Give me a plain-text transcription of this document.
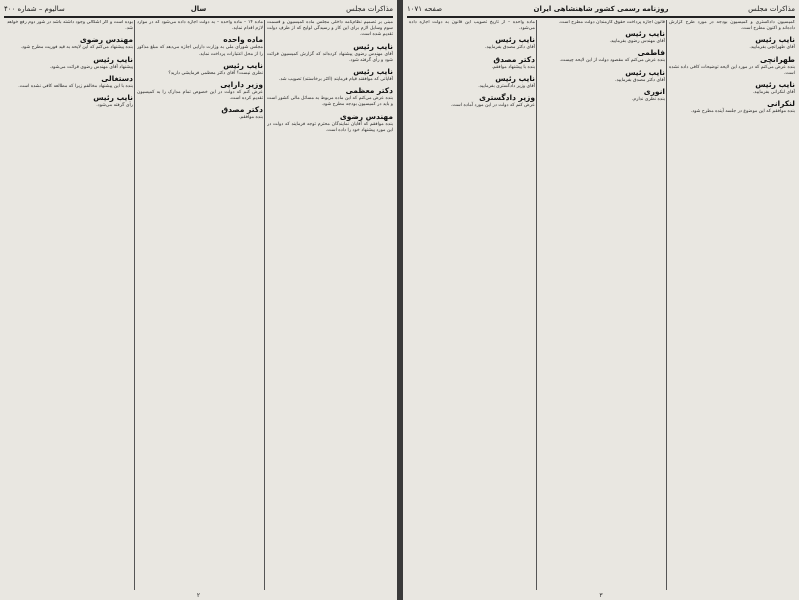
مذاکرات مجلس
سال
سالیوم – شماره ۴۰۰
مبنی بر تصمیم نظام‌نامه داخلی مجلس ماده کمیسیون و قسمت سوم وسایل لازم برای این کار و رسیدگی لوایح که از طرف دولت تقدیم شده است.
نایب رئیس
آقای مهندس رضوی پیشنهاد کرده‌اند که گزارش کمیسیون قرائت شود و رأی گرفته شود.
نایب رئیس
آقایانی که موافقند قیام فرمایند (اکثر برخاستند) تصویب شد.
دکتر معظمی
بنده عرض می‌کنم که این ماده مربوط به مسائل مالی کشور است و باید در کمیسیون بودجه مطرح شود.
مهندس رضوی
بنده موافقم که آقایان نمایندگان محترم توجه فرمایند که دولت در این مورد پیشنهاد خود را داده است.
ماده ۱۴ – ماده واحده – به دولت اجازه داده می‌شود که در موارد لازم اقدام نماید.
ماده واحده
مجلس شورای ملی به وزارت دارایی اجازه می‌دهد که مبلغ مذکور را از محل اعتبارات پرداخت نماید.
نایب رئیس
نظری نیست؟ آقای دکتر معظمی فرمایشی دارید؟
وزیر دارایی
عرض کنم که دولت در این خصوص تمام مدارک را به کمیسیون تقدیم کرده است.
دکتر مصدق
بنده موافقم.
بوده است و اگر اشکالی وجود داشته باشد در شور دوم رفع خواهد شد.
مهندس رضوی
بنده پیشنهاد می‌کنم که این لایحه به قید فوریت مطرح شود.
نایب رئیس
پیشنهاد آقای مهندس رضوی قرائت می‌شود.
دستغالی
بنده با این پیشنهاد مخالفم زیرا که مطالعه کافی نشده است.
نایب رئیس
رأی گرفته می‌شود.
۲
مذاکرات مجلس
روزنامه رسمی کشور شاهنشاهی ایران
صفحه ۱۰۷۱
کمیسیون دادگستری و کمیسیون بودجه در مورد طرح گزارش داده‌اند و اکنون مطرح است.
نایب رئیس
آقای طهرانچی بفرمایید.
طهرانچی
بنده عرض می‌کنم که در مورد این لایحه توضیحات کافی داده نشده است.
نایب رئیس
آقای لنکرانی بفرمایید.
لنکرانی
بنده موافقم که این موضوع در جلسه آینده مطرح شود.
قانون اجازه پرداخت حقوق کارمندان دولت مطرح است.
نایب رئیس
آقای مهندس رضوی بفرمایید.
فاطمی
بنده عرض می‌کنم که مقصود دولت از این لایحه چیست.
نایب رئیس
آقای دکتر مصدق بفرمایید.
انوری
بنده نظری ندارم.
ماده واحده – از تاریخ تصویب این قانون به دولت اجازه داده می‌شود.
نایب رئیس
آقای دکتر مصدق بفرمایید.
دکتر مصدق
بنده با پیشنهاد موافقم.
نایب رئیس
آقای وزیر دادگستری بفرمایید.
وزیر دادگستری
عرض کنم که دولت در این مورد آماده است.
۳
